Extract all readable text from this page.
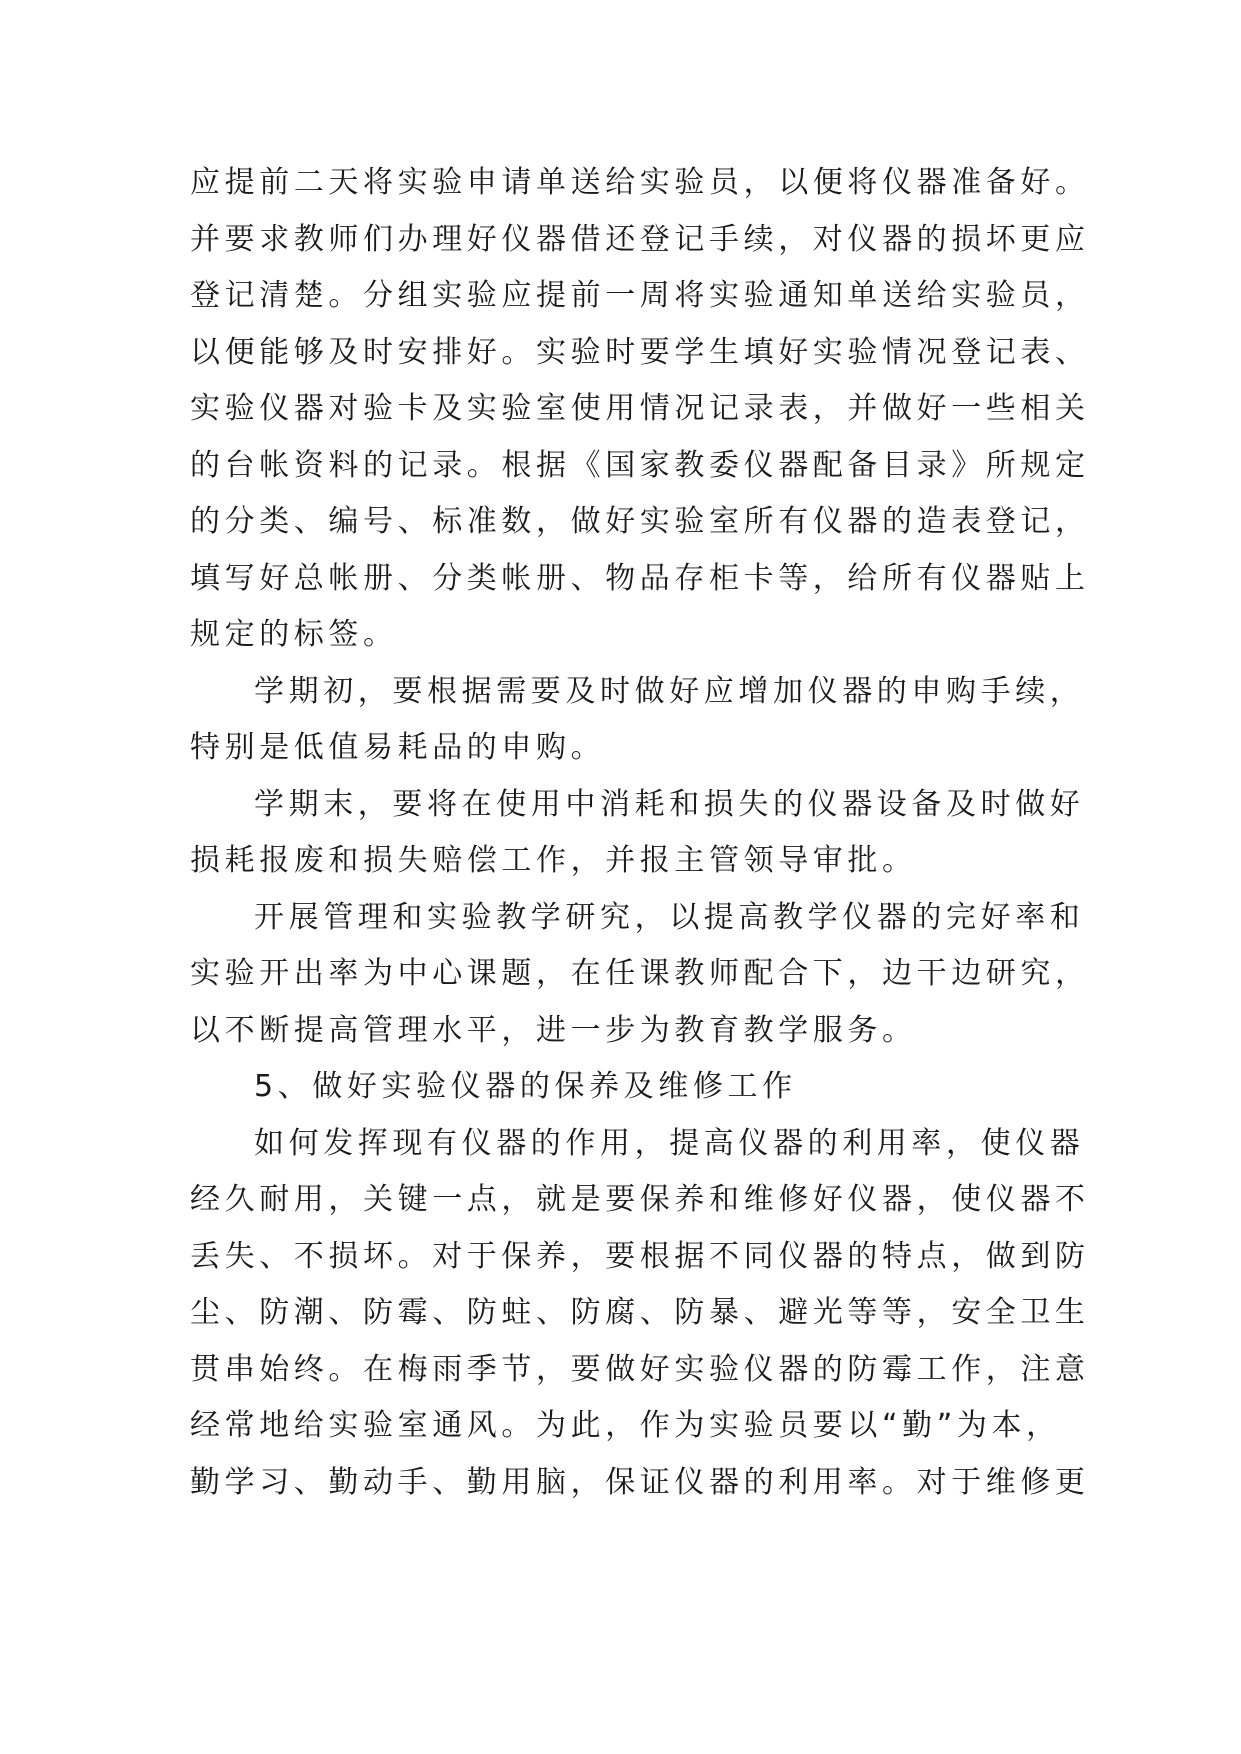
应提前二天将实验申请单送给实验员，以便将仪器准备好。
并要求教师们办理好仪器借还登记手续，对仪器的损坏更应
登记清楚。分组实验应提前一周将实验通知单送给实验员，
以便能够及时安排好。实验时要学生填好实验情况登记表、
实验仪器对验卡及实验室使用情况记录表，并做好一些相关
的台帐资料的记录。根据《国家教委仪器配备目录》所规定
的分类、编号、标准数，做好实验室所有仪器的造表登记，
填写好总帐册、分类帐册、物品存柜卡等，给所有仪器贴上
规定的标签。
学期初，要根据需要及时做好应增加仪器的申购手续，
特别是低值易耗品的申购。
学期末，要将在使用中消耗和损失的仪器设备及时做好
损耗报废和损失赔偿工作，并报主管领导审批。
开展管理和实验教学研究，以提高教学仪器的完好率和
实验开出率为中心课题，在任课教师配合下，边干边研究，
以不断提高管理水平，进一步为教育教学服务。
5、做好实验仪器的保养及维修工作
如何发挥现有仪器的作用，提高仪器的利用率，使仪器
经久耐用，关键一点，就是要保养和维修好仪器，使仪器不
丢失、不损坏。对于保养，要根据不同仪器的特点，做到防
尘、防潮、防霉、防蛀、防腐、防暴、避光等等，安全卫生
贯串始终。在梅雨季节，要做好实验仪器的防霉工作，注意
经常地给实验室通风。为此，作为实验员要以“勤”为本，
勤学习、勤动手、勤用脑，保证仪器的利用率。对于维修更
